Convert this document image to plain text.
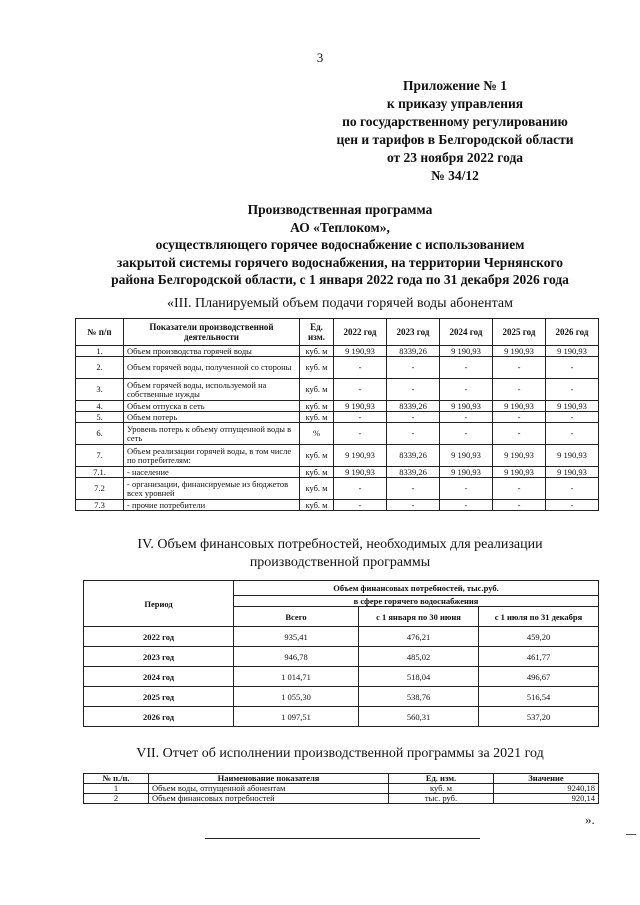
3
Приложение № 1
к приказу управления
по государственному регулированию
цен и тарифов в Белгородской области
от 23 ноября 2022 года
№ 34/12
Производственная программа
АО «Теплоком»,
осуществляющего горячее водоснабжение с использованием
закрытой системы горячего водоснабжения, на территории Чернянского
района Белгородской области, с 1 января 2022 года по 31 декабря 2026 года
«III. Планируемый объем подачи горячей воды абонентам
№ п/п	Показатели производственной деятельности	Ед. изм.	2022 год	2023 год	2024 год	2025 год	2026 год
1.	Объем производства горячей воды	куб. м	9 190,93	8339,26	9 190,93	9 190,93	9 190,93
2.	Объем горячей воды, полученной со стороны	куб. м	-	-	-	-	-
3.	Объем горячей воды, используемой на собственные нужды	куб. м	-	-	-	-	-
4.	Объем отпуска в сеть	куб. м	9 190,93	8339,26	9 190,93	9 190,93	9 190,93
5.	Объем потерь	куб. м	-	-	-	-	-
6.	Уровень потерь к объему отпущенной воды в сеть	%	-	-	-	-	-
7.	Объем реализации горячей воды, в том числе по потребителям:	куб. м	9 190,93	8339,26	9 190,93	9 190,93	9 190,93
7.1.	- население	куб. м	9 190,93	8339,26	9 190,93	9 190,93	9 190,93
7.2	- организации, финансируемые из бюджетов всех уровней	куб. м	-	-	-	-	-
7.3	- прочие потребители	куб. м	-	-	-	-	-
IV. Объем финансовых потребностей, необходимых для реализации
производственной программы
Период	Объем финансовых потребностей, тыс.руб.		
	в сфере горячего водоснабжения		
	Всего	с 1 января по 30 июня	с 1 июля по 31 декабря
2022 год	935,41	476,21	459,20
2023 год	946,78	485,02	461,77
2024 год	1 014,71	518,04	496,67
2025 год	1 055,30	538,76	516,54
2026 год	1 097,51	560,31	537,20
VII. Отчет об исполнении производственной программы за 2021 год
№ п./п.	Наименование показателя	Ед. изм.	Значение
1	Объем воды, отпущенной абонентам	куб. м	9240,18
2	Объем финансовых потребностей	тыс. руб.	920,14
».
